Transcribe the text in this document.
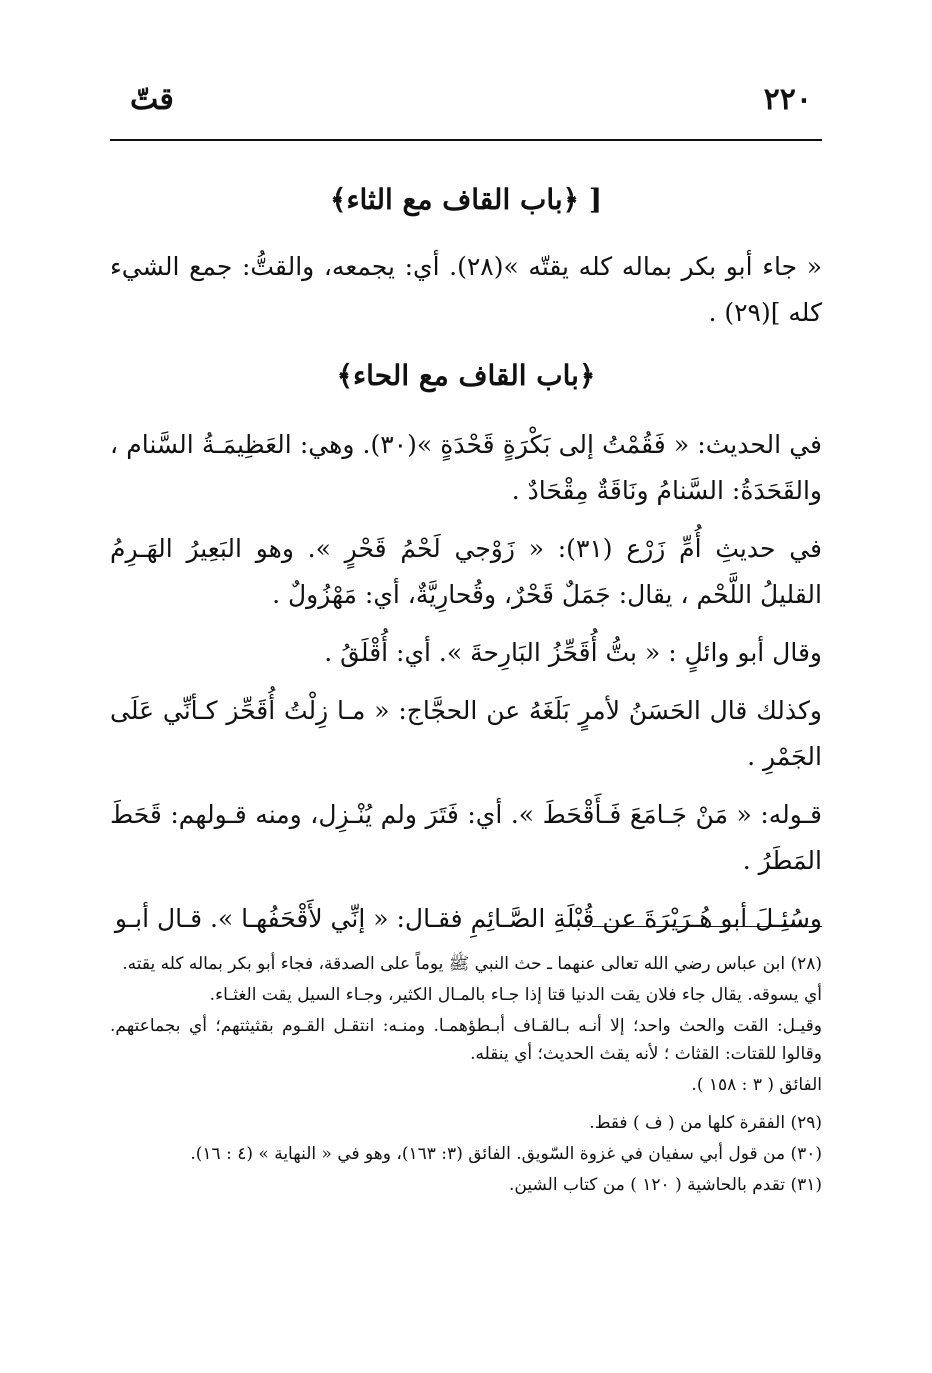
٢٢٠
قتّ
[ ﴿باب القاف مع الثاء﴾

« جاء أبو بكر بماله كله يقتّه »(٢٨). أي: يجمعه، والقتُّ: جمع الشيء كله ](٢٩) .

﴿باب القاف مع الحاء﴾

في الحديث: « فَقُمْتُ إلى بَكْرَةٍ قَحْدَةٍ »(٣٠). وهي: العَظِيمَـةُ السَّنام ، والقَحَدَةُ: السَّنامُ ونَاقَةٌ مِقْحَادٌ .

في حديثِ أُمِّ زَرْع (٣١): « زَوْجي لَحْمُ قَحْرٍ ». وهو البَعِيرُ الهَـرِمُ القليلُ اللَّحْم ، يقال: جَمَلٌ قَحْرٌ، وقُحارِيَّةٌ، أي: مَهْزُولٌ .

وقال أبو وائلٍ : « بتُّ أُقَحِّزُ البَارِحةَ ». أي: أُقْلَقُ .

وكذلك قال الحَسَنُ لأمرٍ بَلَغَهُ عن الحجَّاج: « مـا زِلْتُ أُقَحِّز كـأنِّي عَلَى الجَمْرِ .

قـوله: « مَنْ جَـامَعَ فَـأَقْحَطَ ». أي: فَتَرَ ولم يُنْـزِل، ومنه قـولهم: قَحَطَ المَطَرُ .

وسُئِـلَ أبو هُـرَيْرَةَ عن قُبْلَةِ الصَّـائِمِ فقـال: « إنِّي لأَقْحَفُهـا ». قـال أبـو

(٢٨) ابن عباس رضي الله تعالى عنهما ـ حث النبي ﷺ يوماً على الصدقة، فجاء أبو بكر بماله كله يقته.

أي يسوقه. يقال جاء فلان يقت الدنيا قتا إذا جـاء بالمـال الكثير، وجـاء السيل يقت الغثـاء.

وقيـل: القت والحث واحد؛ إلا أنـه بـالقـاف أبـطؤهمـا. ومنـه: انتقـل القـوم بقثيثتهم؛ أي بجماعتهم. وقالوا للقتات: القثاث ؛ لأنه يقث الحديث؛ أي ينقله.

الفائق ( ٣ : ١٥٨ ).

(٢٩) الفقرة كلها من ( ف ) فقط.

(٣٠) من قول أبي سفيان في غزوة السّويق. الفائق (٣: ١٦٣)، وهو في « النهاية » (٤ : ١٦).

(٣١) تقدم بالحاشية ( ١٢٠ ) من كتاب الشين.
